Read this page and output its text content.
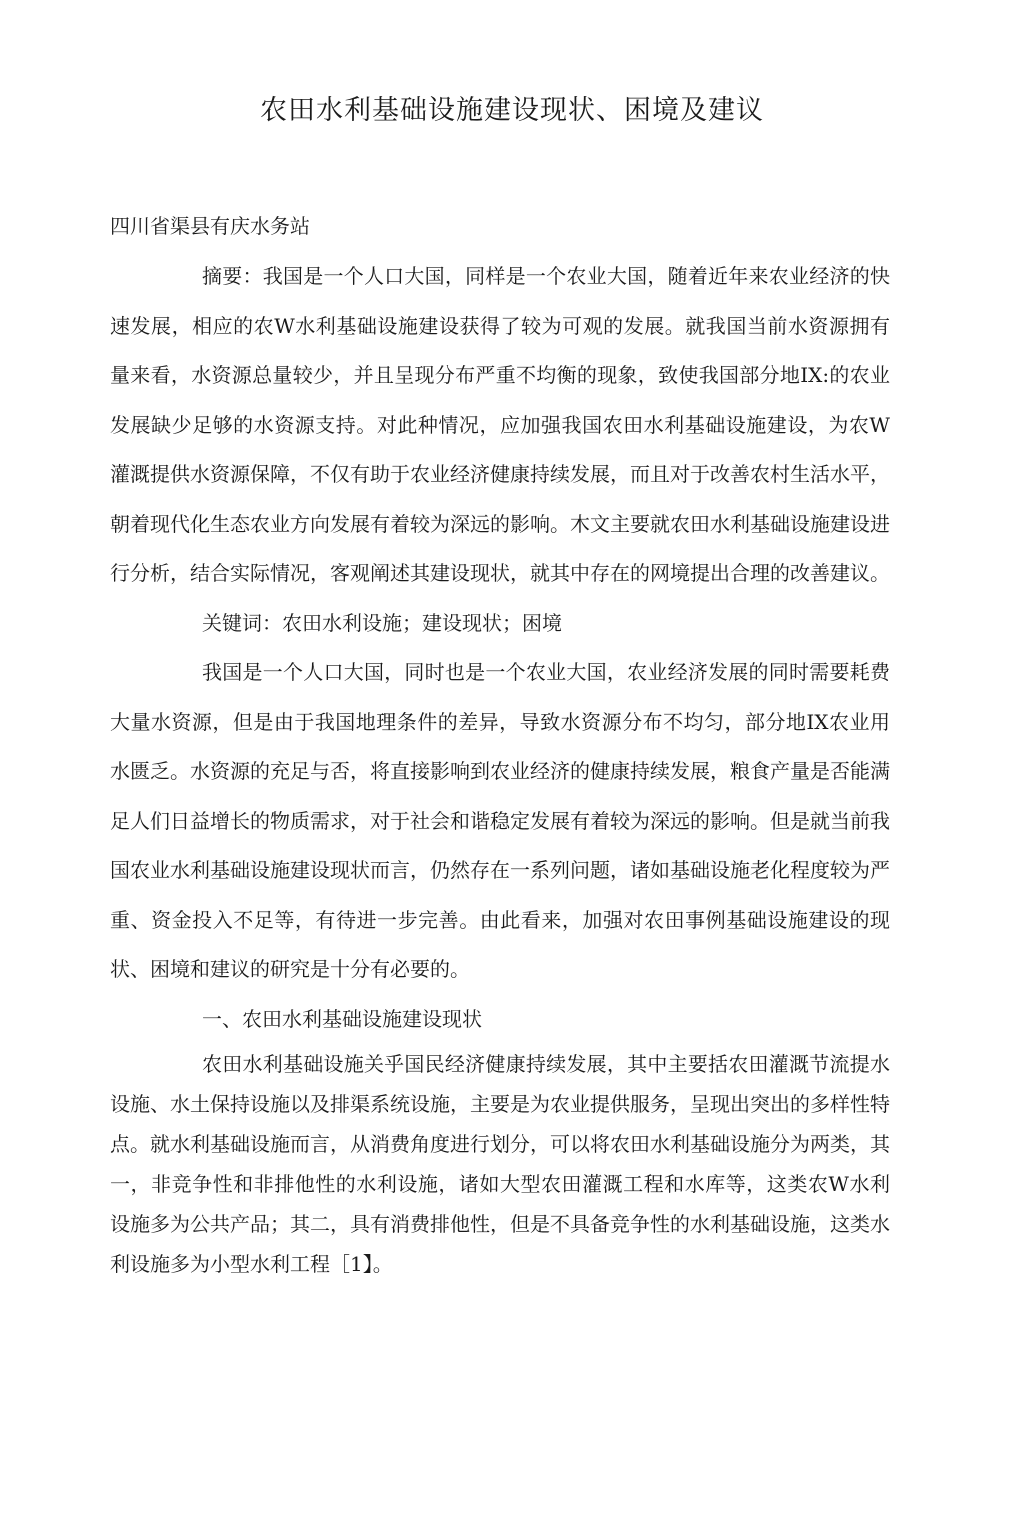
农田水利基础设施建设现状、困境及建议

四川省渠县有庆水务站

摘要：我国是一个人口大国，同样是一个农业大国，随着近年来农业经济的快速发展，相应的农W水利基础设施建设获得了较为可观的发展。就我国当前水资源拥有量来看，水资源总量较少，并且呈现分布严重不均衡的现象，致使我国部分地IX:的农业发展缺少足够的水资源支持。对此种情况，应加强我国农田水利基础设施建设，为农W灌溉提供水资源保障，不仅有助于农业经济健康持续发展，而且对于改善农村生活水平，朝着现代化生态农业方向发展有着较为深远的影响。木文主要就农田水利基础设施建设进行分析，结合实际情况，客观阐述其建设现状，就其中存在的网境提出合理的改善建议。

关键词：农田水利设施；建设现状；困境

我国是一个人口大国，同时也是一个农业大国，农业经济发展的同时需要耗费大量水资源，但是由于我国地理条件的差异，导致水资源分布不均匀，部分地IX农业用水匮乏。水资源的充足与否，将直接影响到农业经济的健康持续发展，粮食产量是否能满足人们日益增长的物质需求，对于社会和谐稳定发展有着较为深远的影响。但是就当前我国农业水利基础设施建设现状而言，仍然存在一系列问题，诸如基础设施老化程度较为严重、资金投入不足等，有待进一步完善。由此看来，加强对农田事例基础设施建设的现状、困境和建议的研究是十分有必要的。

一、农田水利基础设施建设现状

农田水利基础设施关乎国民经济健康持续发展，其中主要括农田灌溉节流提水设施、水土保持设施以及排渠系统设施，主要是为农业提供服务，呈现出突出的多样性特点。就水利基础设施而言，从消费角度进行划分，可以将农田水利基础设施分为两类，其一，非竞争性和非排他性的水利设施，诸如大型农田灌溉工程和水库等，这类农W水利设施多为公共产品；其二，具有消费排他性，但是不具备竞争性的水利基础设施，这类水利设施多为小型水利工程［1】。
